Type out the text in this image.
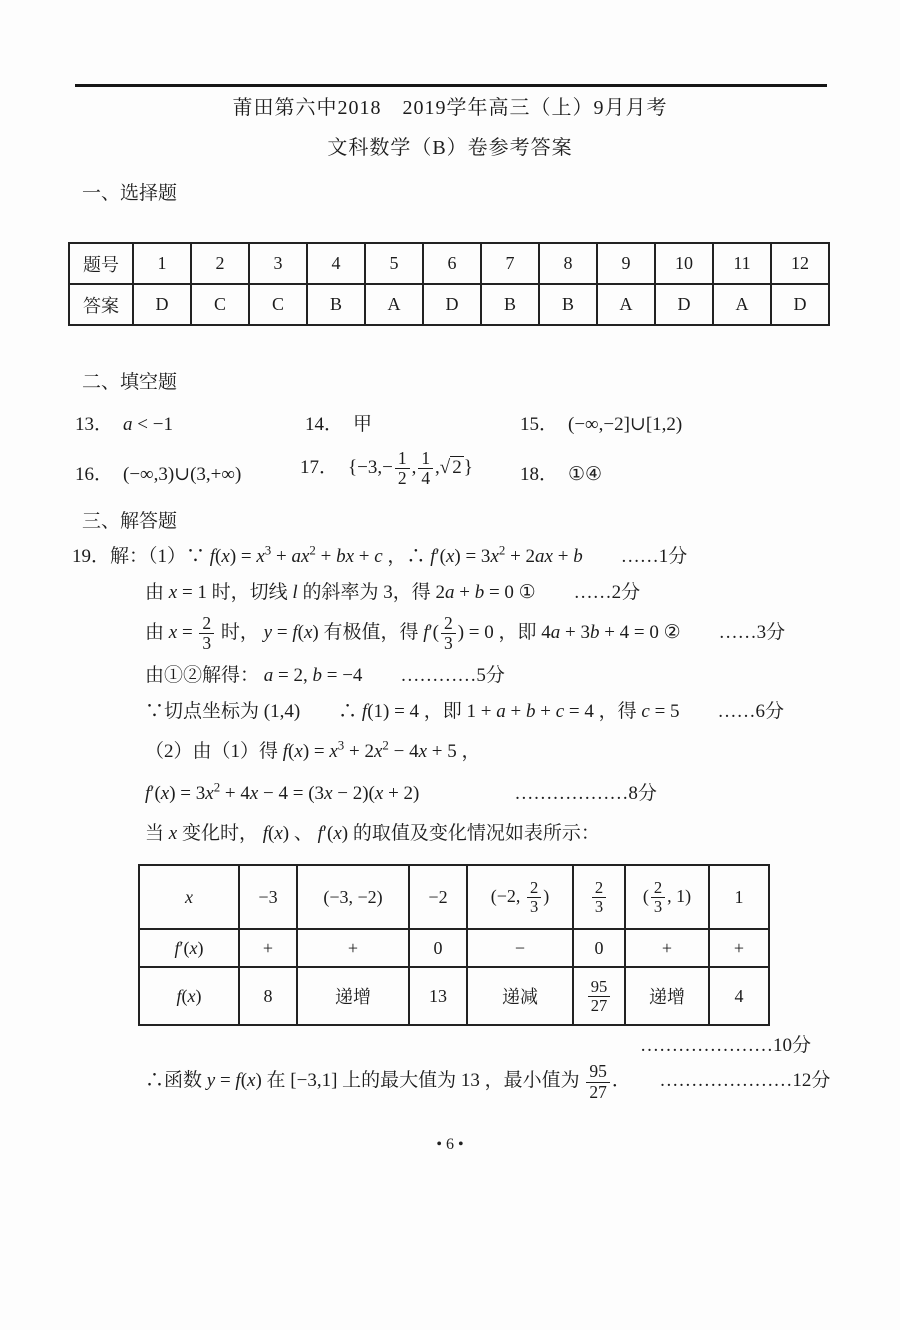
莆田第六中2018　2019学年高三（上）9月月考
文科数学（B）卷参考答案
一、选择题
题号	1	2	3	4	5	6	7	8	9	10	11	12
答案	D	C	C	B	A	D	B	B	A	D	A	D
二、填空题
13． a < −1	14． 甲	15． (−∞,−2]∪[1,2)
16． (−∞,3)∪(3,+∞)	17． {$-3,- \frac{1}{2}$ , $\frac{1}{4}$ ,√ 2 } 18． ①④
三、解答题
19．解：（1）∵ $f(x) = x^3 + ax^2$ + bx + c ，∴ $f'(x) = 3x^2 + 2ax + b$　　……1分
由 x = 1 时，切线 l 的斜率为 3，得 2a + b = 0 ①　　……2分
由 $x = \frac{2}{3}$ 时， y = f(x) 有极值，得 $f'( \frac{2}{3}$ ) = 0 ，即 4a + 3b + 4 = 0 ②　　……3分
由①②解得： a = 2, b = −4　　…………5分
∵切点坐标为 (1,4)　　∴ f(1) = 4 ，即 1 + a + b + c = 4 ，得 c = 5　　……6分
（2）由（1）得 $f(x) = x^3 + 2x^2 - 4x + 5$ ，
$f'(x) = 3x^2 + 4x - 4 = (3x - 2)(x + 2)$　　　　　………………8分
当 x 变化时， f(x) 、 f′(x) 的取值及变化情况如表所示：
x	−3	(−3, −2)	−2	(−2, $\frac{2}{3}$ )	$\frac{2}{3}$	( $\frac{2}{3}$ , 1)	1
f′(x)	+	+	0	−	0	+	+
f(x)	8	递增	13	递减	$\frac{95}{27}$	递增	4
…………………10分
∴函数 y = f(x) 在 [−3,1] 上的最大值为 13 ，最小值为 $\frac{95}{27}$ ．　　…………………12分
• 6 •
